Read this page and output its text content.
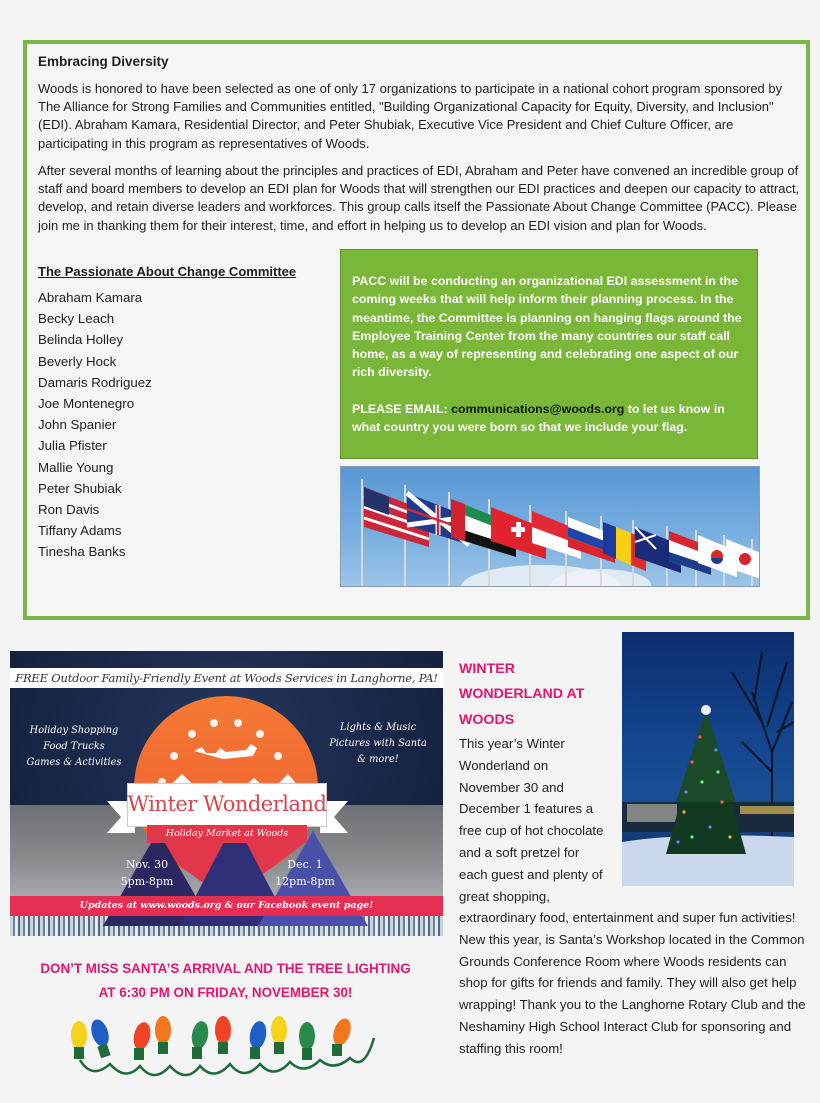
Embracing Diversity

Woods is honored to have been selected as one of only 17 organizations to participate in a national cohort program sponsored by The Alliance for Strong Families and Communities entitled, "Building Organizational Capacity for Equity, Diversity, and Inclusion" (EDI). Abraham Kamara, Residential Director, and Peter Shubiak, Executive Vice President and Chief Culture Officer, are participating in this program as representatives of Woods.

After several months of learning about the principles and practices of EDI, Abraham and Peter have convened an incredible group of staff and board members to develop an EDI plan for Woods that will strengthen our EDI practices and deepen our capacity to attract, develop, and retain diverse leaders and workforces. This group calls itself the Passionate About Change Committee (PACC). Please join me in thanking them for their interest, time, and effort in helping us to develop an EDI vision and plan for Woods.

The Passionate About Change Committee
Abraham Kamara
Becky Leach
Belinda Holley
Beverly Hock
Damaris Rodriguez
Joe Montenegro
John Spanier
Julia Pfister
Mallie Young
Peter Shubiak
Ron Davis
Tiffany Adams
Tinesha Banks

PACC will be conducting an organizational EDI assessment in the coming weeks that will help inform their planning process. In the meantime, the Committee is planning on hanging flags around the Employee Training Center from the many countries our staff call home, as a way of representing and celebrating one aspect of our rich diversity.

PLEASE EMAIL: communications@woods.org to let us know in what country you were born so that we include your flag.

FREE Outdoor Family-Friendly Event at Woods Services in Langhorne, PA!
Holiday Shopping
Food Trucks
Games & Activities
Lights & Music
Pictures with Santa
& more!
Winter Wonderland
Holiday Market at Woods
Nov. 30
5pm-8pm
Dec. 1
12pm-8pm
Updates at www.woods.org & our Facebook event page!
DON’T MISS SANTA’S ARRIVAL AND THE TREE LIGHTING
AT 6:30 PM ON FRIDAY, NOVEMBER 30!
WINTER
WONDERLAND AT
WOODS
This year’s Winter
Wonderland on
November 30 and
December 1 features a
free cup of hot chocolate
and a soft pretzel for
each guest and plenty of
great shopping,

extraordinary food, entertainment and super fun activities! New this year, is Santa’s Workshop located in the Common Grounds Conference Room where Woods residents can shop for gifts for friends and family. They will also get help wrapping! Thank you to the Langhorne Rotary Club and the Neshaminy High School Interact Club for sponsoring and staffing this room!
